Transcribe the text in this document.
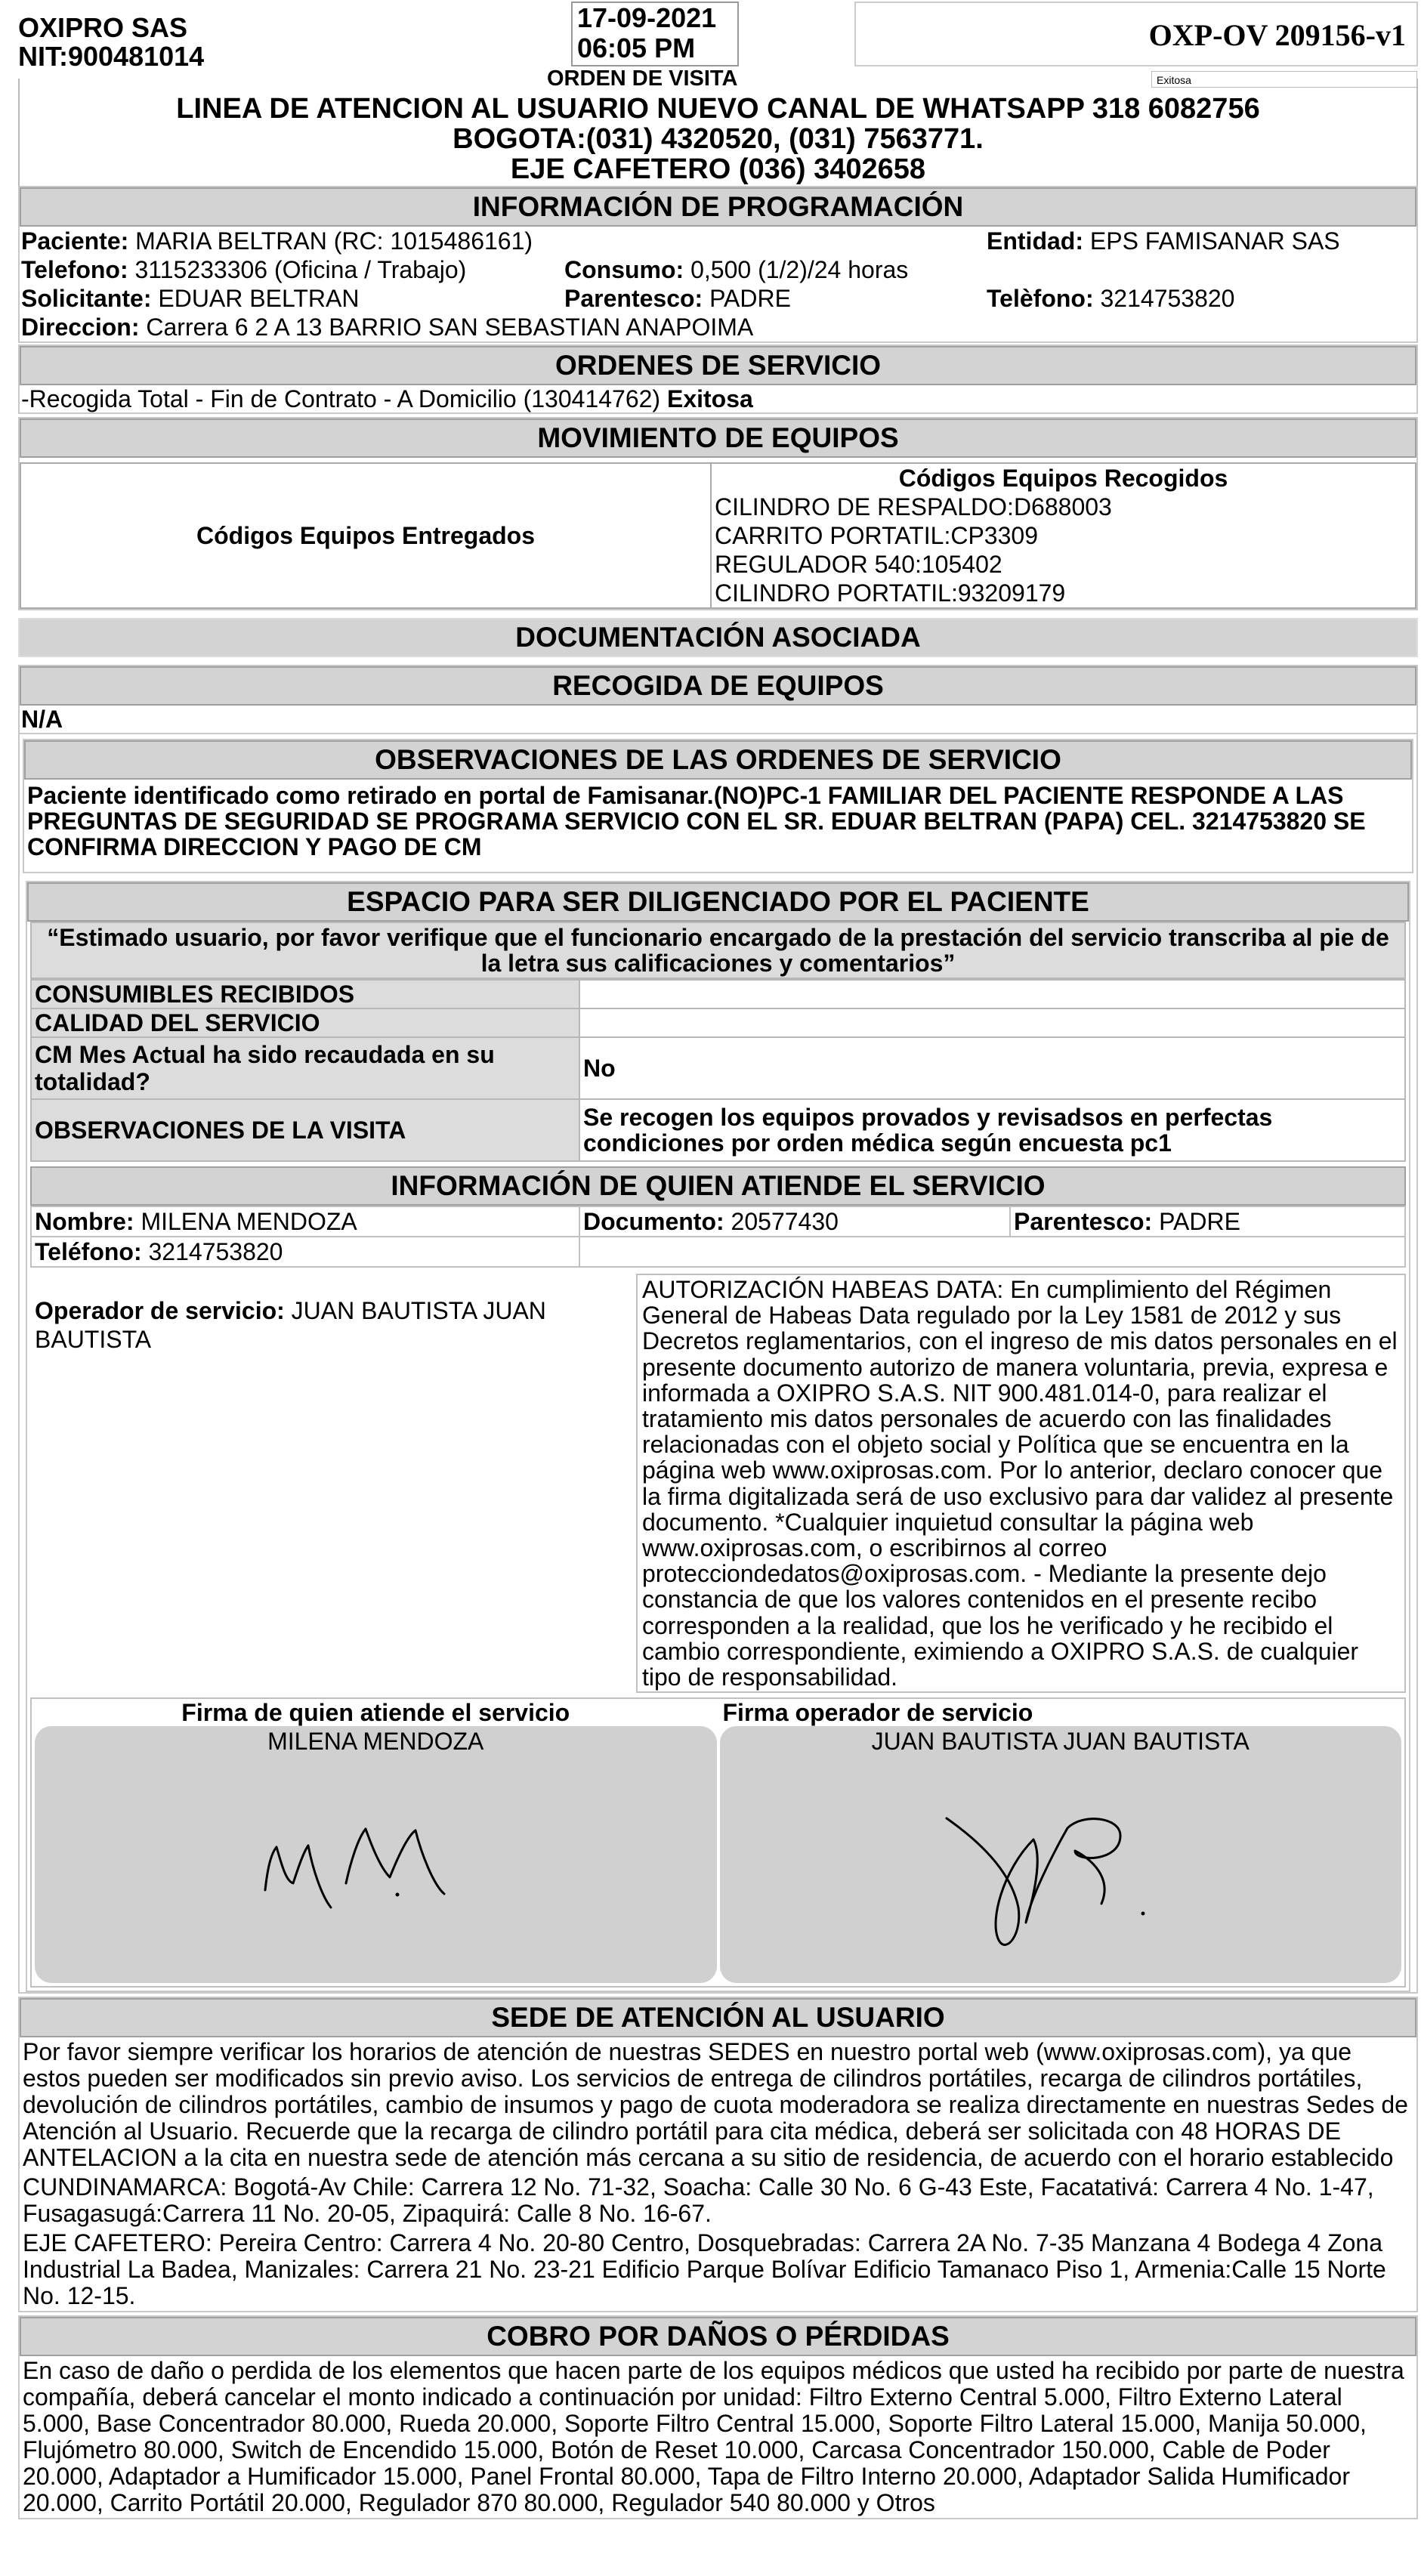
OXIPRO SAS
NIT:900481014
17-09-2021
06:05 PM	OXP-OV 209156-v1
ORDEN DE VISITA	Exitosa
LINEA DE ATENCION AL USUARIO NUEVO CANAL DE WHATSAPP 318 6082756
BOGOTA:(031) 4320520, (031) 7563771.
EJE CAFETERO (036) 3402658
INFORMACIÓN DE PROGRAMACIÓN
Paciente: MARIA BELTRAN (RC: 1015486161)		Entidad: EPS FAMISANAR SAS
Telefono: 3115233306 (Oficina / Trabajo)	Consumo: 0,500 (1/2)/24 horas	
Solicitante: EDUAR BELTRAN	Parentesco: PADRE	Telèfono: 3214753820
Direccion: Carrera 6 2 A 13 BARRIO SAN SEBASTIAN ANAPOIMA		
ORDENES DE SERVICIO
-Recogida Total - Fin de Contrato - A Domicilio (130414762) Exitosa
MOVIMIENTO DE EQUIPOS
Códigos Equipos Entregados	
Códigos Equipos Recogidos
CILINDRO DE RESPALDO:D688003
CARRITO PORTATIL:CP3309
REGULADOR 540:105402
CILINDRO PORTATIL:93209179
DOCUMENTACIÓN ASOCIADA
RECOGIDA DE EQUIPOS
N/A
OBSERVACIONES DE LAS ORDENES DE SERVICIO
Paciente identificado como retirado en portal de Famisanar.(NO)PC-1 FAMILIAR DEL PACIENTE RESPONDE A LAS PREGUNTAS DE SEGURIDAD SE PROGRAMA SERVICIO CON EL SR. EDUAR BELTRAN (PAPA) CEL. 3214753820 SE CONFIRMA DIRECCION Y PAGO DE CM
ESPACIO PARA SER DILIGENCIADO POR EL PACIENTE
“Estimado usuario, por favor verifique que el funcionario encargado de la prestación del servicio transcriba al pie de la letra sus calificaciones y comentarios”
CONSUMIBLES RECIBIDOS	
CALIDAD DEL SERVICIO	
CM Mes Actual ha sido recaudada en su totalidad?	No
OBSERVACIONES DE LA VISITA	Se recogen los equipos provados y revisadsos en perfectas condiciones por orden médica según encuesta pc1
INFORMACIÓN DE QUIEN ATIENDE EL SERVICIO
Nombre: MILENA MENDOZA	Documento: 20577430	Parentesco: PADRE
Teléfono: 3214753820		
Operador de servicio: JUAN BAUTISTA JUAN BAUTISTA
AUTORIZACIÓN HABEAS DATA: En cumplimiento del Régimen General de Habeas Data regulado por la Ley 1581 de 2012 y sus Decretos reglamentarios, con el ingreso de mis datos personales en el presente documento autorizo de manera voluntaria, previa, expresa e informada a OXIPRO S.A.S. NIT 900.481.014-0, para realizar el tratamiento mis datos personales de acuerdo con las finalidades relacionadas con el objeto social y Política que se encuentra en la página web www.oxiprosas.com. Por lo anterior, declaro conocer que la firma digitalizada será de uso exclusivo para dar validez al presente documento. *Cualquier inquietud consultar la página web www.oxiprosas.com, o escribirnos al correo protecciondedatos@oxiprosas.com. - Mediante la presente dejo constancia de que los valores contenidos en el presente recibo corresponden a la realidad, que los he verificado y he recibido el cambio correspondiente, eximiendo a OXIPRO S.A.S. de cualquier tipo de responsabilidad.
Firma de quien atiende el servicio
MILENA MENDOZA
Firma operador de servicio
JUAN BAUTISTA JUAN BAUTISTA
SEDE DE ATENCIÓN AL USUARIO
Por favor siempre verificar los horarios de atención de nuestras SEDES en nuestro portal web (www.oxiprosas.com), ya que estos pueden ser modificados sin previo aviso. Los servicios de entrega de cilindros portátiles, recarga de cilindros portátiles, devolución de cilindros portátiles, cambio de insumos y pago de cuota moderadora se realiza directamente en nuestras Sedes de Atención al Usuario. Recuerde que la recarga de cilindro portátil para cita médica, deberá ser solicitada con 48 HORAS DE ANTELACION a la cita en nuestra sede de atención más cercana a su sitio de residencia, de acuerdo con el horario establecido
CUNDINAMARCA: Bogotá-Av Chile: Carrera 12 No. 71-32, Soacha: Calle 30 No. 6 G-43 Este, Facatativá: Carrera 4 No. 1-47, Fusagasugá:Carrera 11 No. 20-05, Zipaquirá: Calle 8 No. 16-67.
EJE CAFETERO: Pereira Centro: Carrera 4 No. 20-80 Centro, Dosquebradas: Carrera 2A No. 7-35 Manzana 4 Bodega 4 Zona Industrial La Badea, Manizales: Carrera 21 No. 23-21 Edificio Parque Bolívar Edificio Tamanaco Piso 1, Armenia:Calle 15 Norte No. 12-15.
COBRO POR DAÑOS O PÉRDIDAS
En caso de daño o perdida de los elementos que hacen parte de los equipos médicos que usted ha recibido por parte de nuestra compañía, deberá cancelar el monto indicado a continuación por unidad: Filtro Externo Central 5.000, Filtro Externo Lateral 5.000, Base Concentrador 80.000, Rueda 20.000, Soporte Filtro Central 15.000, Soporte Filtro Lateral 15.000, Manija 50.000, Flujómetro 80.000, Switch de Encendido 15.000, Botón de Reset 10.000, Carcasa Concentrador 150.000, Cable de Poder 20.000, Adaptador a Humificador 15.000, Panel Frontal 80.000, Tapa de Filtro Interno 20.000, Adaptador Salida Humificador 20.000, Carrito Portátil 20.000, Regulador 870 80.000, Regulador 540 80.000 y Otros
